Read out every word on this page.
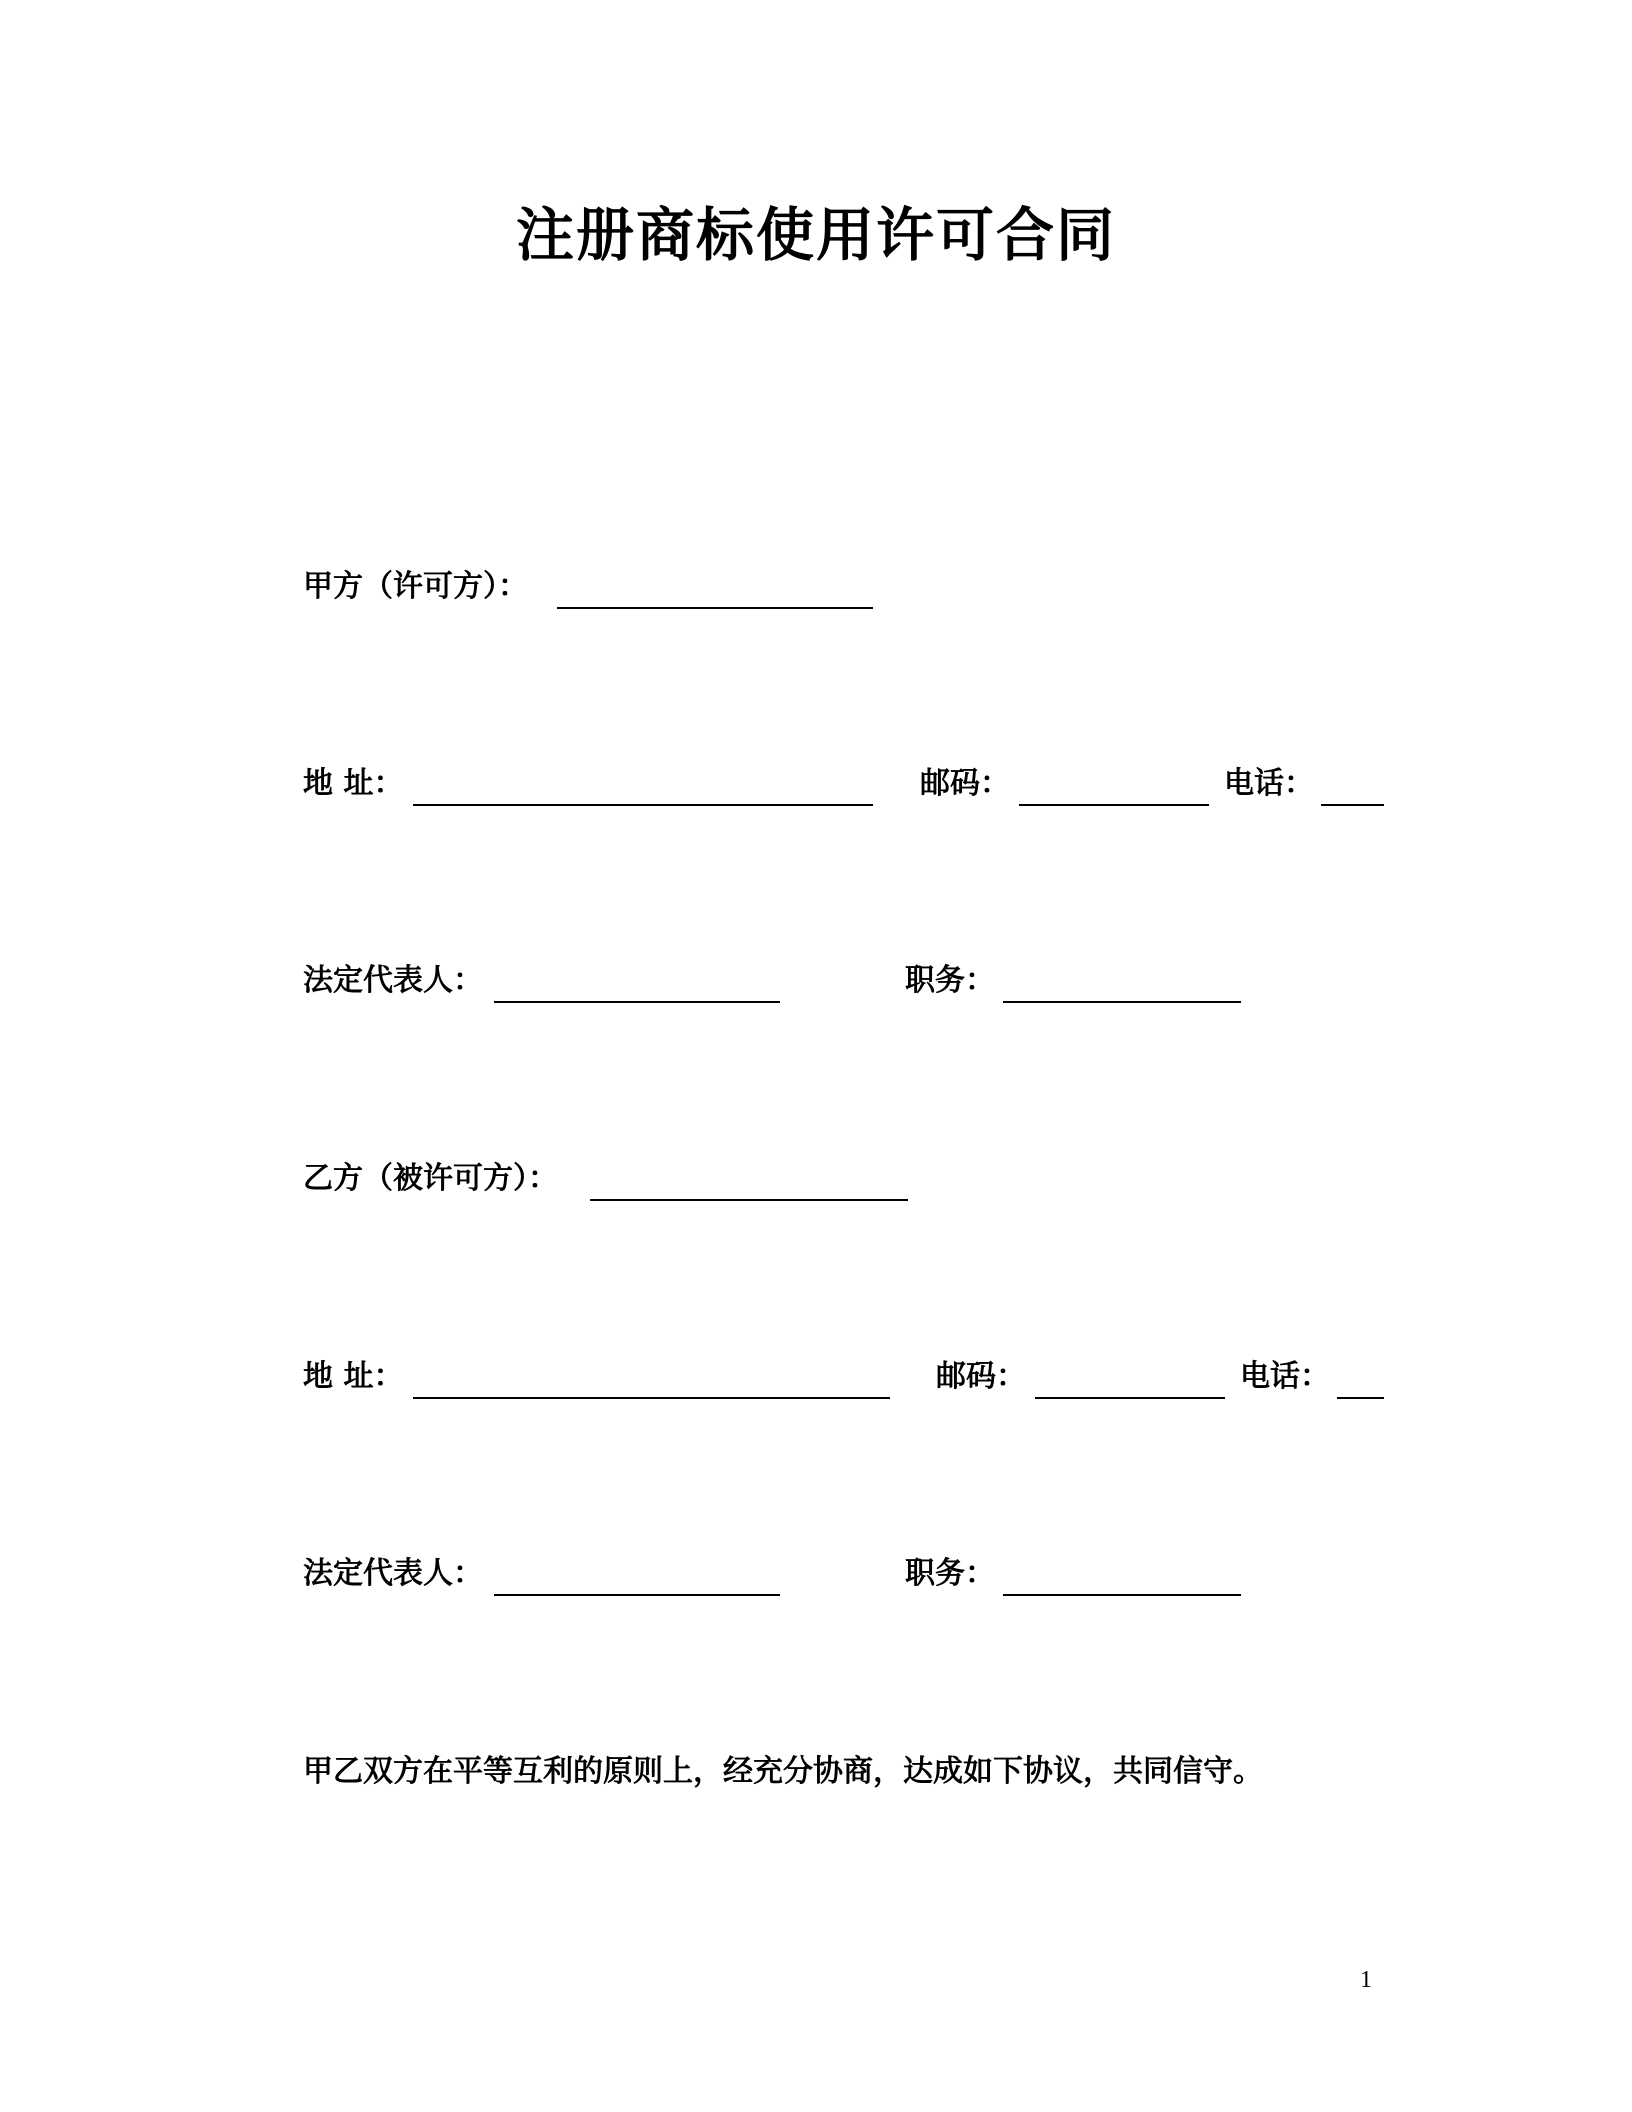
注册商标使用许可合同
甲方（许可方）：
地 址：	邮码：	电话：
法定代表人：	职务：
乙方（被许可方）：
地 址：	邮码：	电话：
法定代表人：	职务：
甲乙双方在平等互利的原则上，经充分协商，达成如下协议，共同信守。
1
